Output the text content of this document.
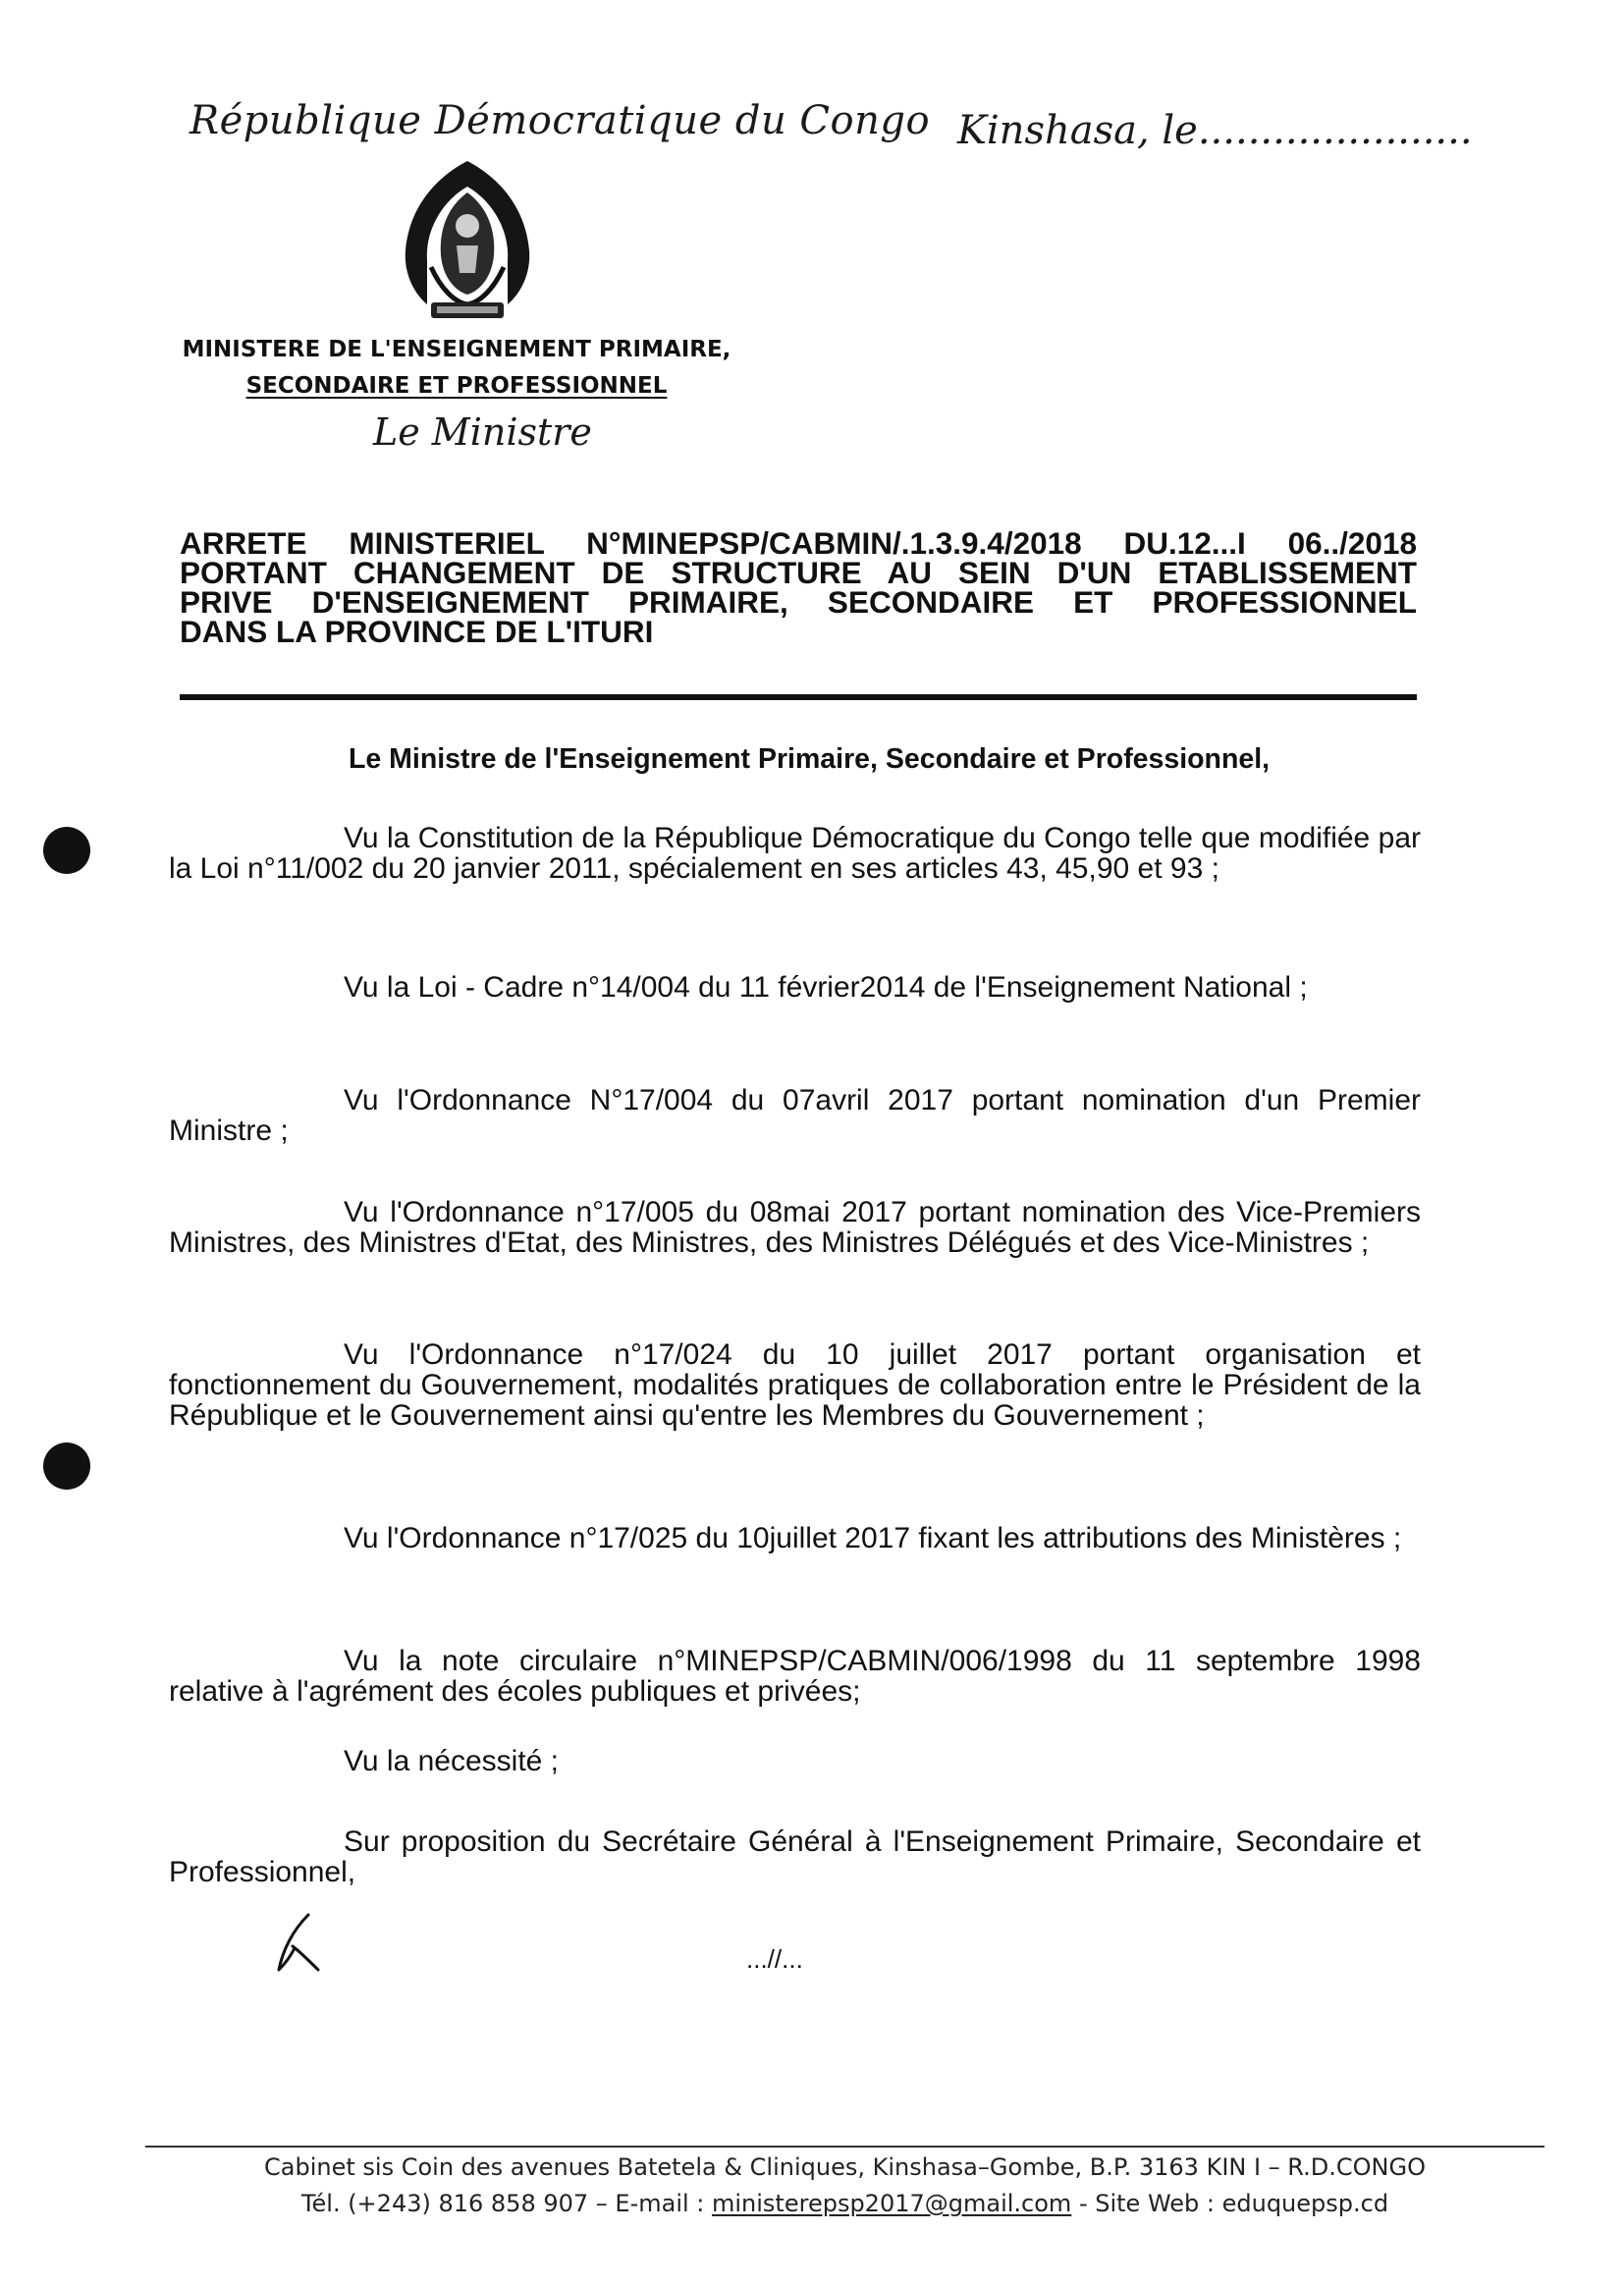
République Démocratique du Congo Kinshasa, le......................
MINISTERE DE L'ENSEIGNEMENT PRIMAIRE,
SECONDAIRE ET PROFESSIONNEL
Le Ministre
ARRETE MINISTERIEL N°MINEPSP/CABMIN/.1.3.9.4/2018 DU.12...I 06../2018
PORTANT CHANGEMENT DE STRUCTURE AU SEIN D'UN ETABLISSEMENT
PRIVE D'ENSEIGNEMENT PRIMAIRE, SECONDAIRE ET PROFESSIONNEL
DANS LA PROVINCE DE L'ITURI
Le Ministre de l'Enseignement Primaire, Secondaire et Professionnel,
Vu la Constitution de la République Démocratique du Congo telle que modifiée par la Loi n°11/002 du 20 janvier 2011, spécialement en ses articles 43, 45,90 et 93 ;
Vu la Loi - Cadre n°14/004 du 11 février2014 de l'Enseignement National ;
Vu l'Ordonnance N°17/004 du 07avril 2017 portant nomination d'un Premier Ministre ;
Vu l'Ordonnance n°17/005 du 08mai 2017 portant nomination des Vice-Premiers Ministres, des Ministres d'Etat, des Ministres, des Ministres Délégués et des Vice-Ministres ;
Vu l'Ordonnance n°17/024 du 10 juillet 2017 portant organisation et fonctionnement du Gouvernement, modalités pratiques de collaboration entre le Président de la République et le Gouvernement ainsi qu'entre les Membres du Gouvernement ;
Vu l'Ordonnance n°17/025 du 10juillet 2017 fixant les attributions des Ministères ;
Vu la note circulaire n°MINEPSP/CABMIN/006/1998 du 11 septembre 1998 relative à l'agrément des écoles publiques et privées;
Vu la nécessité ;
Sur proposition du Secrétaire Général à l'Enseignement Primaire, Secondaire et Professionnel,
...//...
Cabinet sis Coin des avenues Batetela & Cliniques, Kinshasa–Gombe, B.P. 3163 KIN I – R.D.CONGO
Tél. (+243) 816 858 907 – E-mail : ministerepsp2017@gmail.com - Site Web : eduquepsp.cd
